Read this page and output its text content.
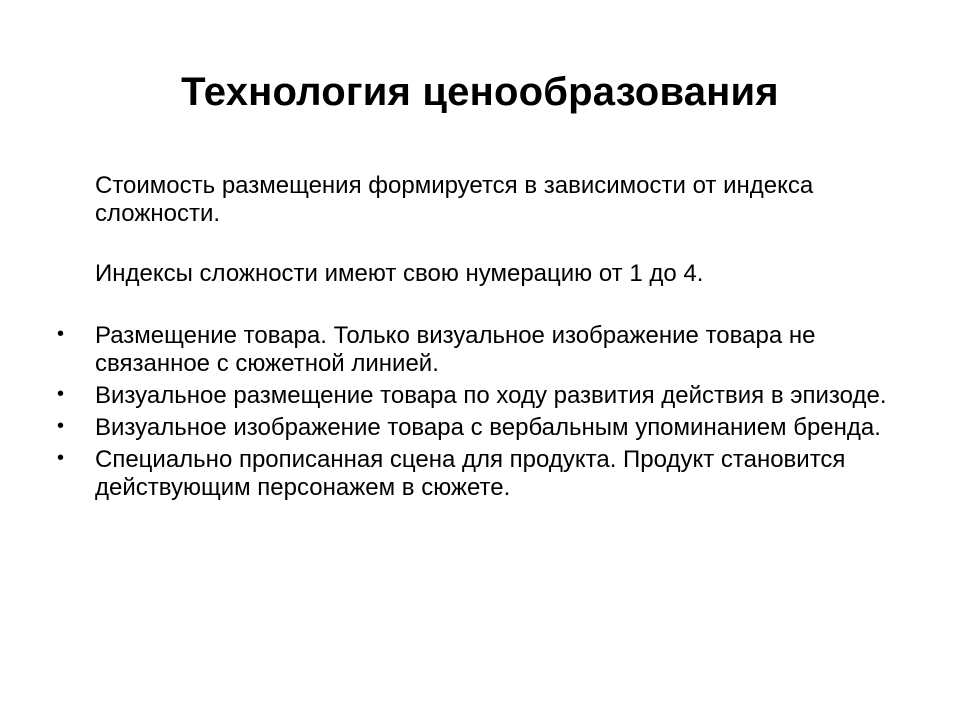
Технология ценообразования
Стоимость размещения формируется в зависимости от индекса сложности.
Индексы сложности имеют свою нумерацию от 1 до 4.
• Размещение товара. Только визуальное изображение товара не связанное с сюжетной линией.
• Визуальное размещение товара по ходу развития действия в эпизоде.
• Визуальное изображение товара с вербальным упоминанием бренда.
• Специально прописанная сцена для продукта. Продукт становится действующим персонажем в сюжете.
